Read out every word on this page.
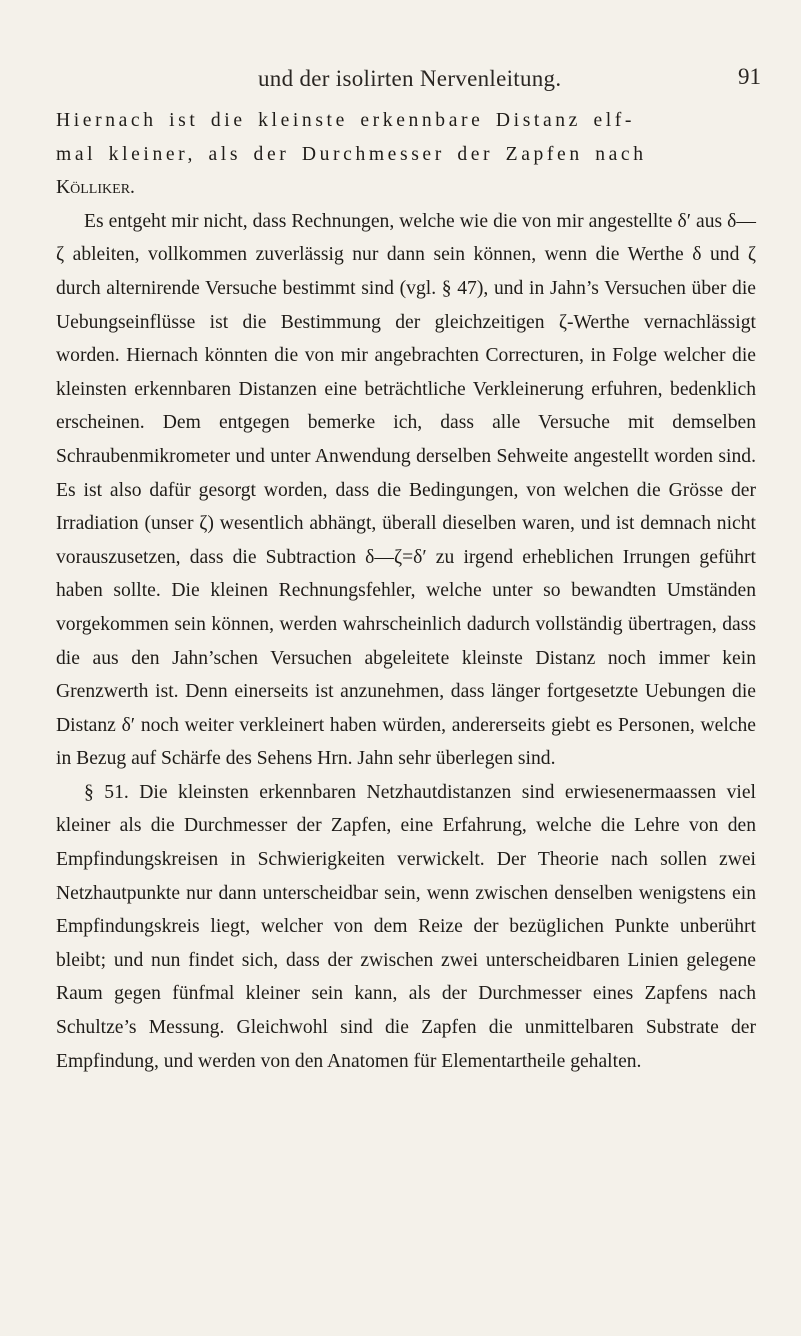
und der isolirten Nervenleitung.	91

Hiernach ist die kleinste erkennbare Distanz elf-
mal kleiner, als der Durchmesser der Zapfen nach
Kölliker.

Es entgeht mir nicht, dass Rechnungen, welche wie die von mir angestellte δ′ aus δ—ζ ableiten, vollkommen zuverlässig nur dann sein können, wenn die Werthe δ und ζ durch alternirende Versuche bestimmt sind (vgl. § 47), und in Jahn’s Versuchen über die Uebungseinflüsse ist die Bestimmung der gleichzeitigen ζ-Werthe vernachlässigt worden. Hiernach könnten die von mir angebrachten Correcturen, in Folge welcher die kleinsten erkennbaren Distanzen eine beträchtliche Verkleinerung erfuhren, bedenklich erscheinen. Dem entgegen bemerke ich, dass alle Versuche mit demselben Schraubenmikrometer und unter Anwendung derselben Sehweite angestellt worden sind. Es ist also dafür gesorgt worden, dass die Bedingungen, von welchen die Grösse der Irradiation (unser ζ) wesentlich abhängt, überall dieselben waren, und ist demnach nicht vorauszusetzen, dass die Subtraction δ—ζ=δ′ zu irgend erheblichen Irrungen geführt haben sollte. Die kleinen Rechnungsfehler, welche unter so bewandten Umständen vorgekommen sein können, werden wahrscheinlich dadurch vollständig übertragen, dass die aus den Jahn’schen Versuchen abgeleitete kleinste Distanz noch immer kein Grenzwerth ist. Denn einerseits ist anzunehmen, dass länger fortgesetzte Uebungen die Distanz δ′ noch weiter verkleinert haben würden, andererseits giebt es Personen, welche in Bezug auf Schärfe des Sehens Hrn. Jahn sehr überlegen sind.

§ 51. Die kleinsten erkennbaren Netzhautdistanzen sind erwiesenermaassen viel kleiner als die Durchmesser der Zapfen, eine Erfahrung, welche die Lehre von den Empfindungskreisen in Schwierigkeiten verwickelt. Der Theorie nach sollen zwei Netzhautpunkte nur dann unterscheidbar sein, wenn zwischen denselben wenigstens ein Empfindungskreis liegt, welcher von dem Reize der bezüglichen Punkte unberührt bleibt; und nun findet sich, dass der zwischen zwei unterscheidbaren Linien gelegene Raum gegen fünfmal kleiner sein kann, als der Durchmesser eines Zapfens nach Schultze’s Messung. Gleichwohl sind die Zapfen die unmittelbaren Substrate der Empfindung, und werden von den Anatomen für Elementartheile gehalten.
